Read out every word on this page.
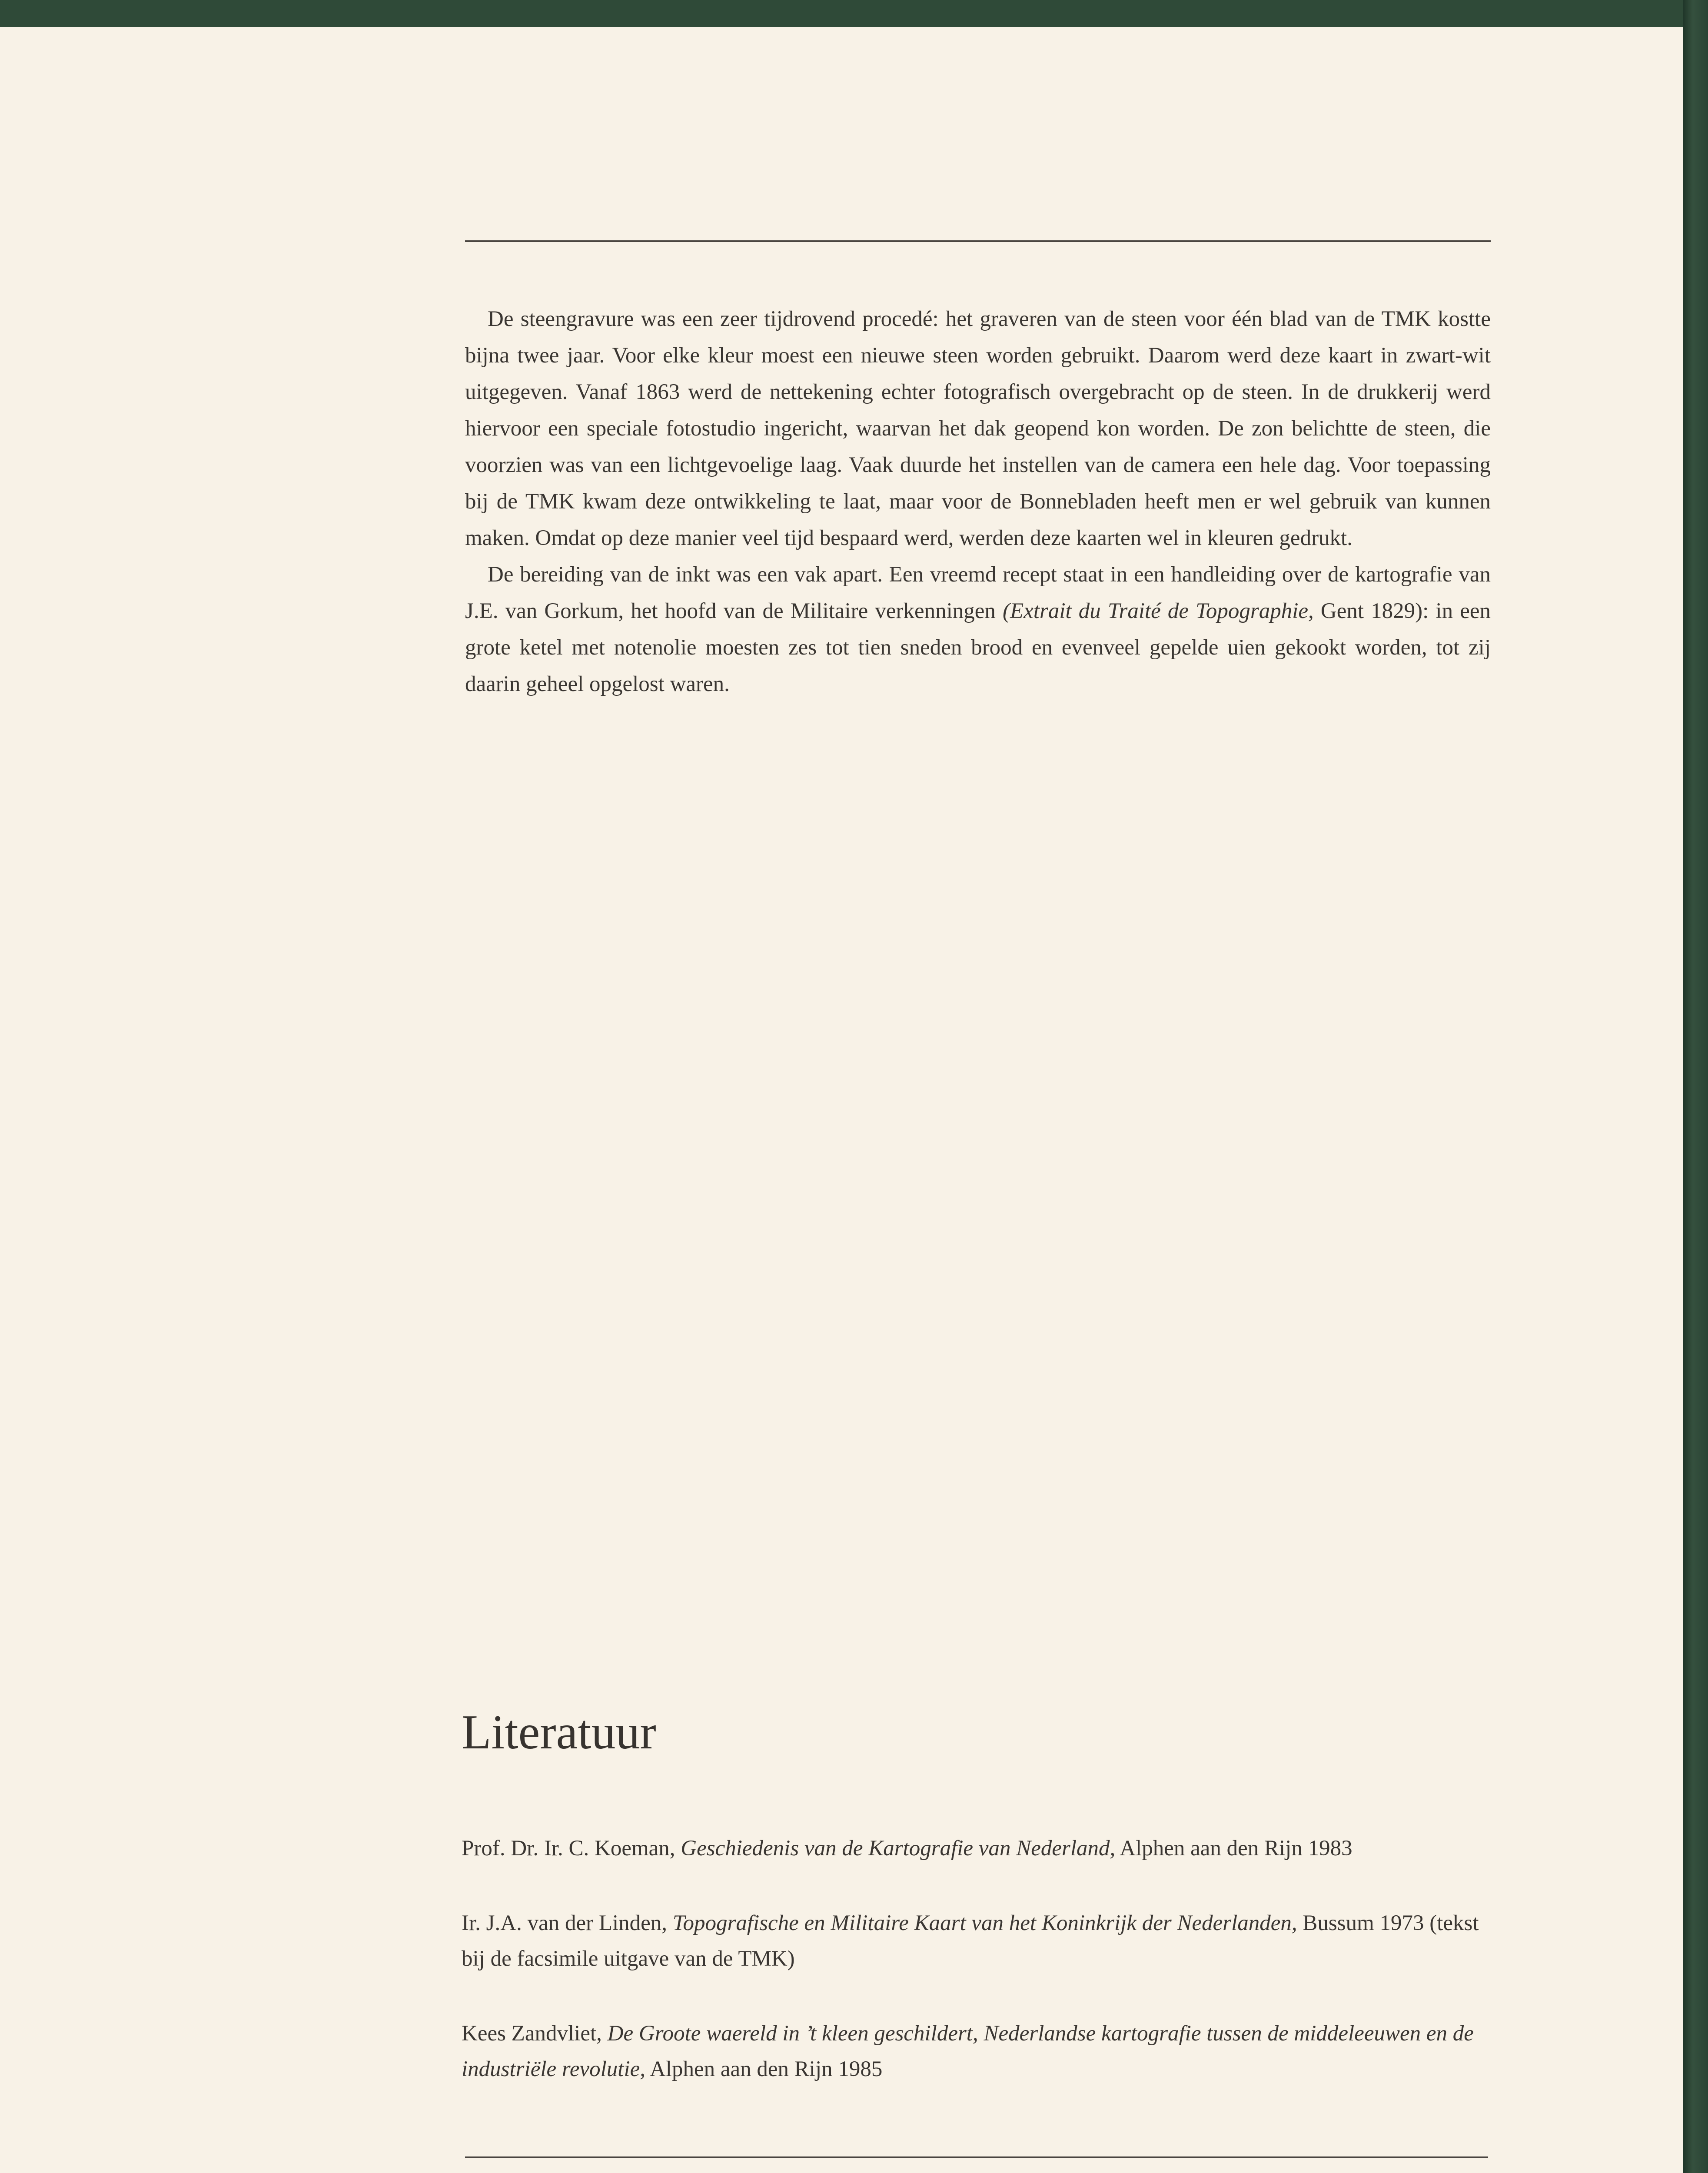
De steengravure was een zeer tijdrovend procedé: het graveren van de steen voor één blad van de TMK kostte bijna twee jaar. Voor elke kleur moest een nieuwe steen worden gebruikt. Daarom werd deze kaart in zwart-wit uitgegeven. Vanaf 1863 werd de nettekening echter fotografisch overgebracht op de steen. In de drukkerij werd hiervoor een speciale fotostudio ingericht, waarvan het dak geopend kon worden. De zon belichtte de steen, die voorzien was van een lichtgevoelige laag. Vaak duurde het instellen van de camera een hele dag. Voor toepassing bij de TMK kwam deze ontwikkeling te laat, maar voor de Bonnebladen heeft men er wel gebruik van kunnen maken. Omdat op deze manier veel tijd bespaard werd, werden deze kaarten wel in kleuren gedrukt.

De bereiding van de inkt was een vak apart. Een vreemd recept staat in een handleiding over de kartografie van J.E. van Gorkum, het hoofd van de Militaire verkenningen (Extrait du Traité de Topographie, Gent 1829): in een grote ketel met notenolie moesten zes tot tien sneden brood en evenveel gepelde uien gekookt worden, tot zij daarin geheel opgelost waren.

Literatuur

Prof. Dr. Ir. C. Koeman, Geschiedenis van de Kartografie van Nederland, Alphen aan den Rijn 1983

Ir. J.A. van der Linden, Topografische en Militaire Kaart van het Koninkrijk der Nederlanden, Bussum 1973 (tekst bij de facsimile uitgave van de TMK)

Kees Zandvliet, De Groote waereld in ’t kleen geschildert, Nederlandse kartografie tussen de middeleeuwen en de industriële revolutie, Alphen aan den Rijn 1985
